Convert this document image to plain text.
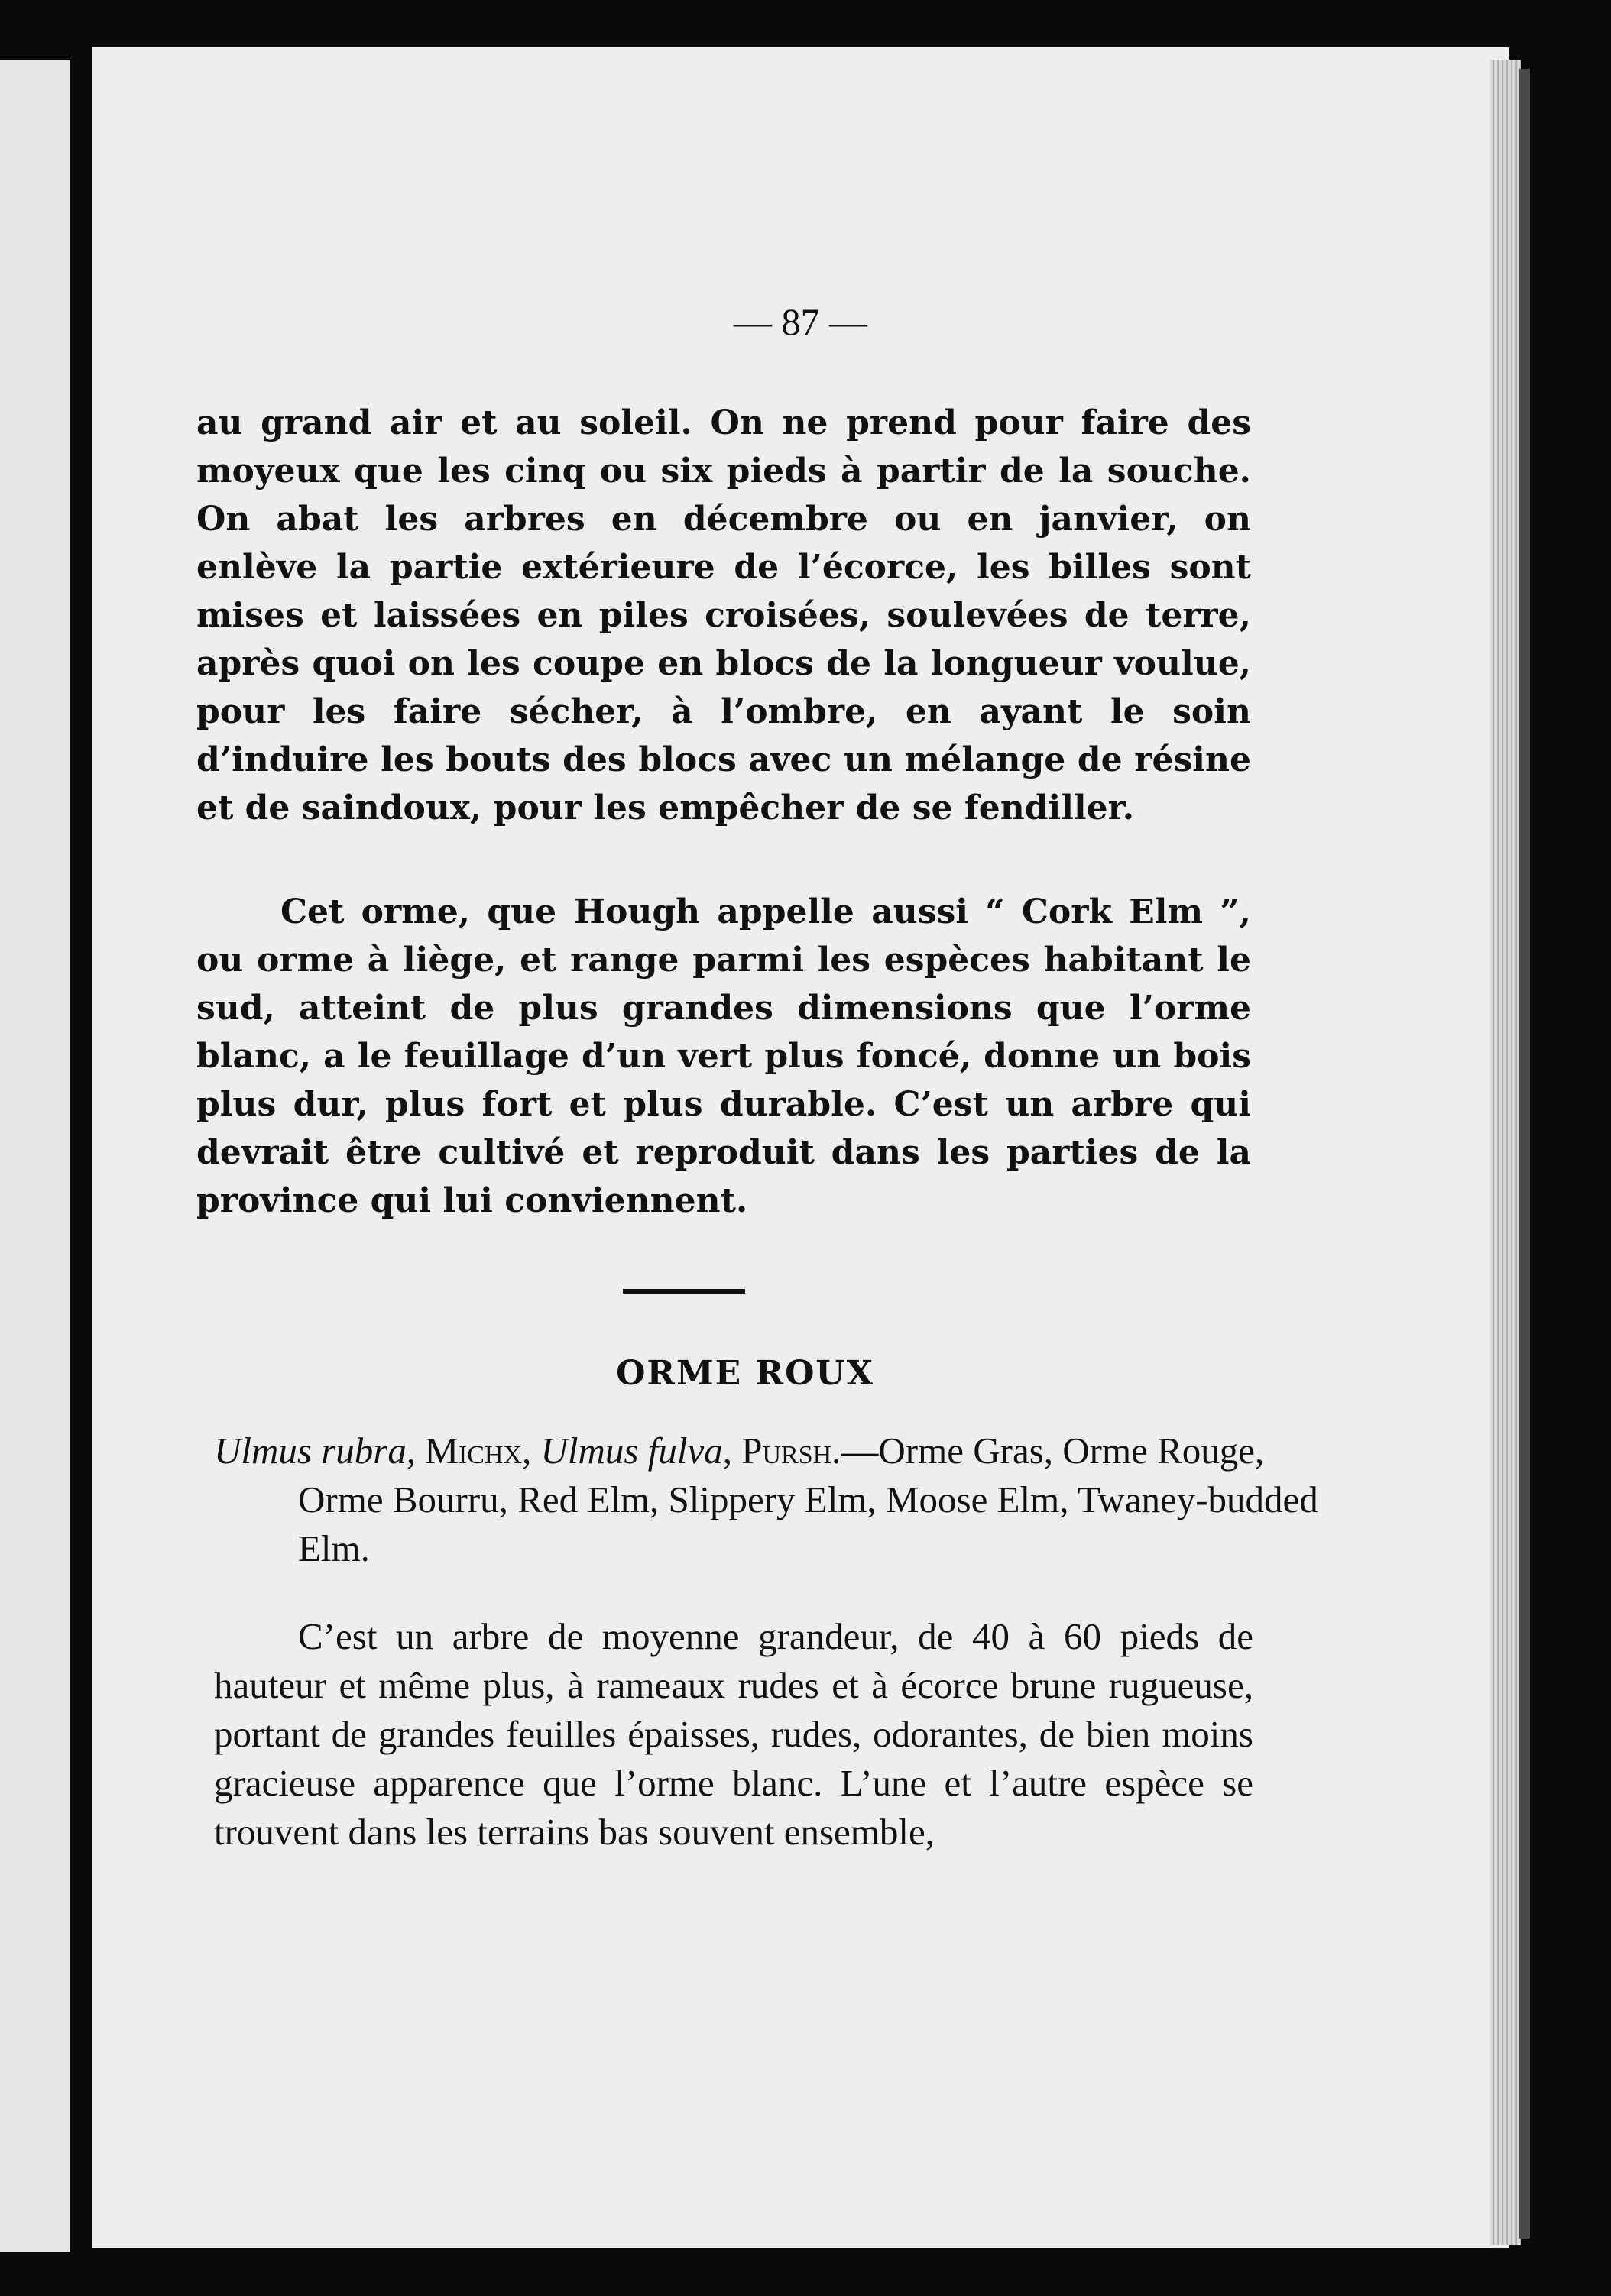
— 87 —

au grand air et au soleil. On ne prend pour faire des moyeux que les cinq ou six pieds à partir de la souche. On abat les arbres en décembre ou en janvier, on enlève la partie extérieure de l’écorce, les billes sont mises et laissées en piles croisées, soulevées de terre, après quoi on les coupe en blocs de la longueur voulue, pour les faire sécher, à l’ombre, en ayant le soin d’induire les bouts des blocs avec un mélange de résine et de saindoux, pour les empêcher de se fendiller.

Cet orme, que Hough appelle aussi “ Cork Elm ”, ou orme à liège, et range parmi les espèces habitant le sud, atteint de plus grandes dimensions que l’orme blanc, a le feuillage d’un vert plus foncé, donne un bois plus dur, plus fort et plus durable. C’est un arbre qui devrait être cultivé et reproduit dans les parties de la province qui lui conviennent.

ORME ROUX

Ulmus rubra, Michx, Ulmus fulva, Pursh.—Orme Gras, Orme Rouge, Orme Bourru, Red Elm, Slippery Elm, Moose Elm, Twaney-budded Elm.

C’est un arbre de moyenne grandeur, de 40 à 60 pieds de hauteur et même plus, à rameaux rudes et à écorce brune rugueuse, portant de grandes feuilles épaisses, rudes, odorantes, de bien moins gracieuse apparence que l’orme blanc. L’une et l’autre espèce se trouvent dans les terrains bas souvent ensemble,
